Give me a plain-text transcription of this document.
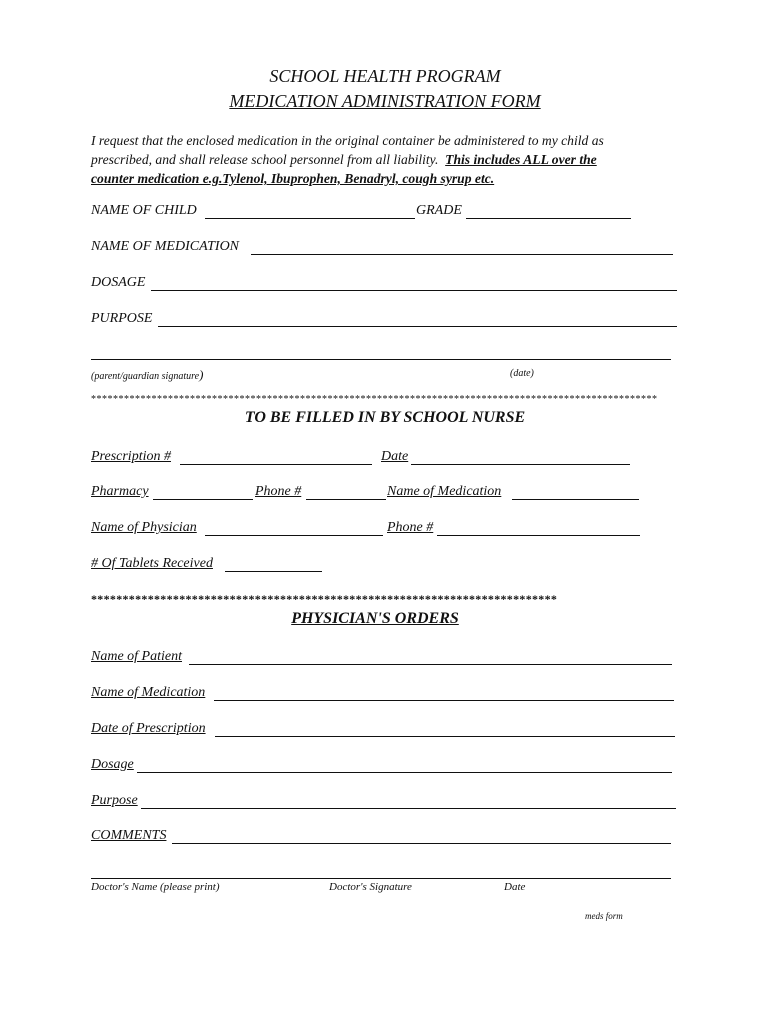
SCHOOL HEALTH PROGRAM
MEDICATION ADMINISTRATION FORM
I request that the enclosed medication in the original container be administered to my child as
prescribed, and shall release school personnel from all liability. This includes ALL over the
counter medication e.g.Tylenol, Ibuprophen, Benadryl, cough syrup etc.
NAME OF CHILD	GRADE
NAME OF MEDICATION
DOSAGE
PURPOSE
(parent/guardian signature)	(date)
*******************************************************************************************************
TO BE FILLED IN BY SCHOOL NURSE
Prescription #	Date
Pharmacy	Phone #	Name of Medication
Name of Physician	Phone #
# Of Tablets Received
**************************************************************************
PHYSICIAN'S ORDERS
Name of Patient
Name of Medication
Date of Prescription
Dosage
Purpose
COMMENTS
Doctor's Name (please print)	Doctor's Signature	Date
meds form
